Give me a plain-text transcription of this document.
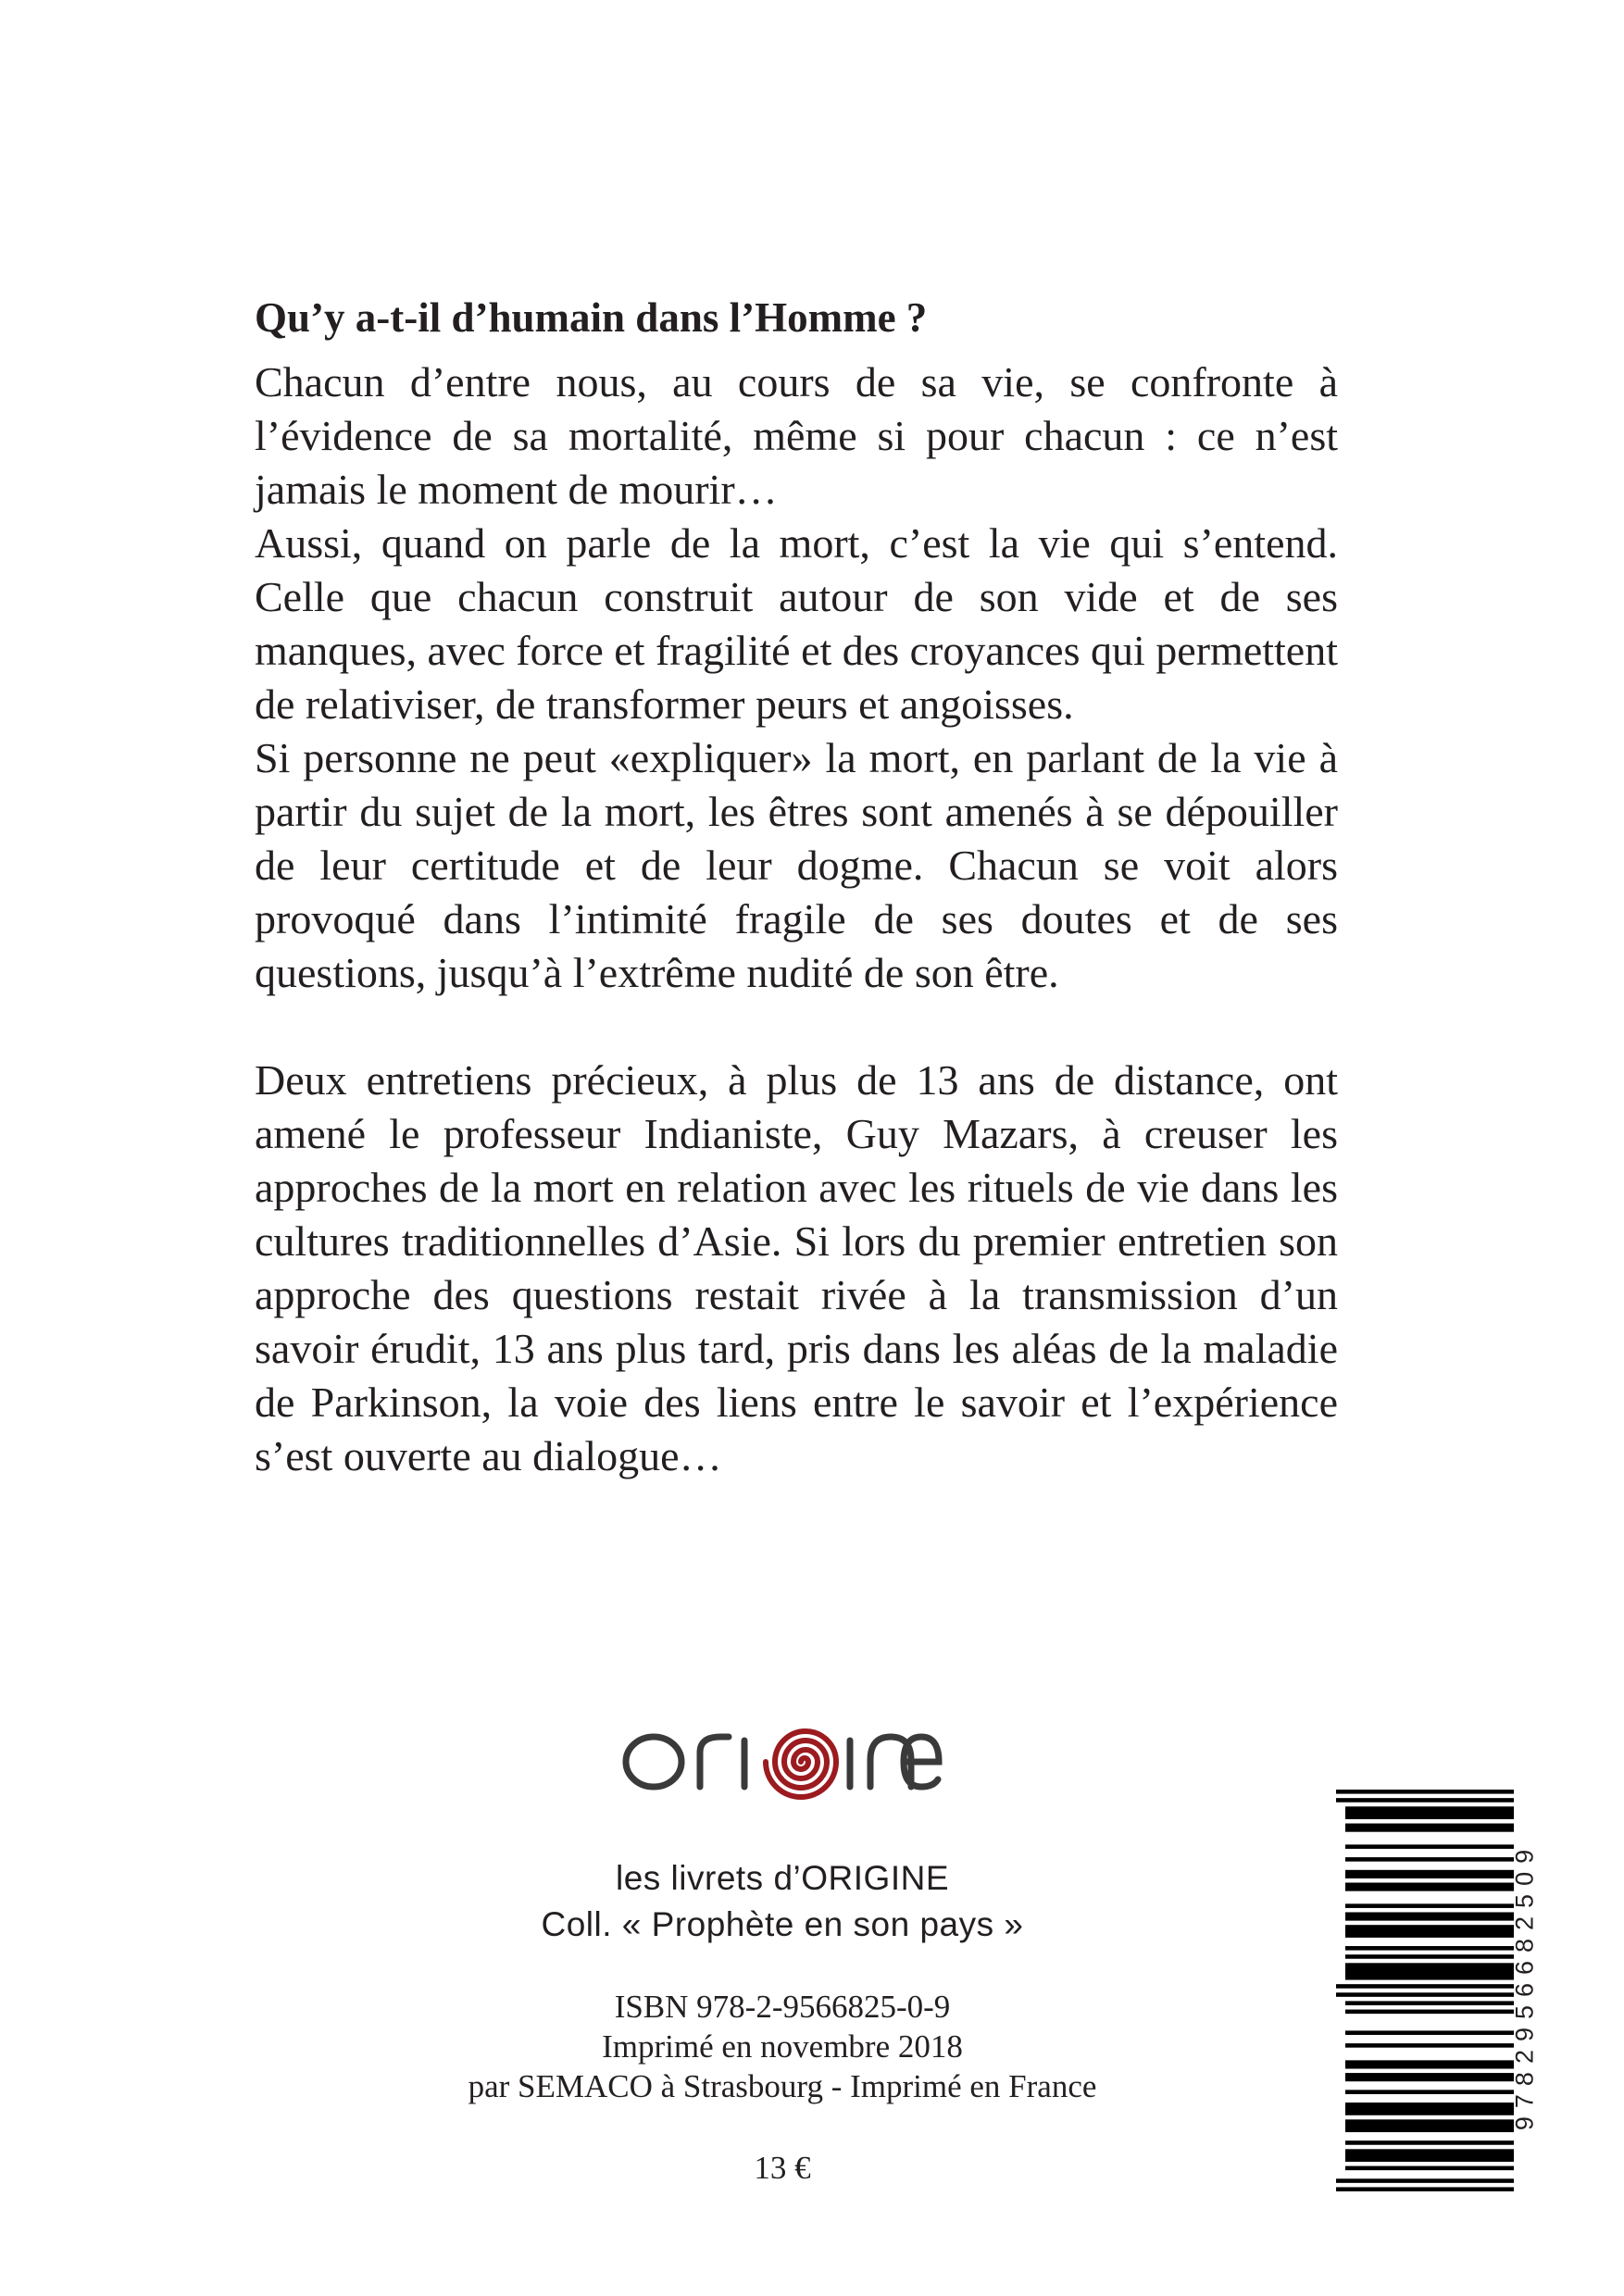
Qu’y a-t-il d’humain dans l’Homme ?

Chacun d’entre nous, au cours de sa vie, se confronte à l’évidence de sa mortalité, même si pour chacun : ce n’est jamais le moment de mourir…

Aussi, quand on parle de la mort, c’est la vie qui s’entend. Celle que chacun construit autour de son vide et de ses manques, avec force et fragilité et des croyances qui permettent de relativiser, de transformer peurs et angoisses.

Si personne ne peut «expliquer» la mort, en parlant de la vie à partir du sujet de la mort, les êtres sont amenés à se dépouiller de leur certitude et de leur dogme. Chacun se voit alors provoqué dans l’intimité fragile de ses doutes et de ses questions, jusqu’à l’extrême nudité de son être.

Deux entretiens précieux, à plus de 13 ans de distance, ont amené le professeur Indianiste, Guy Mazars, à creuser les approches de la mort en relation avec les rituels de vie dans les cultures traditionnelles d’Asie. Si lors du premier entretien son approche des questions restait rivée à la transmission d’un savoir érudit, 13 ans plus tard, pris dans les aléas de la maladie de Parkinson, la voie des liens entre le savoir et l’expérience s’est ouverte au dialogue…

les livrets d’ORIGINE
Coll. « Prophète en son pays »
ISBN 978-2-9566825-0-9
Imprimé en novembre 2018
par SEMACO à Strasbourg - Imprimé en France
13 €
9782956682509
